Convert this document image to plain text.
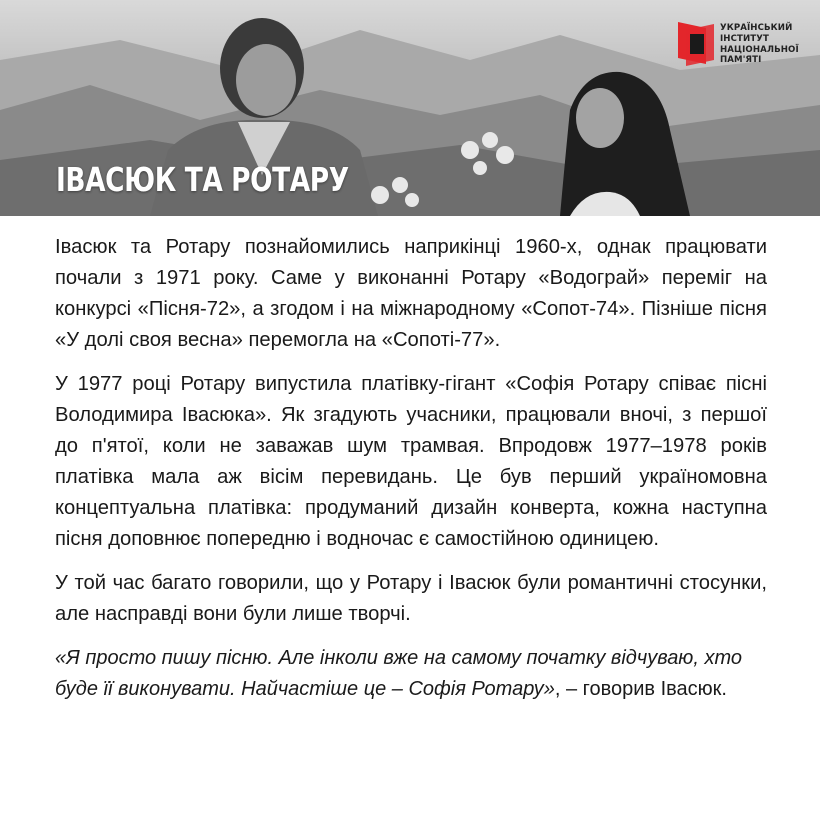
ІВАСЮК ТА РОТАРУ
УКРАЇНСЬКИЙ
ІНСТИТУТ
НАЦІОНАЛЬНОЇ
ПАМ'ЯТІ

Івасюк та Ротару познайомились наприкінці 1960-х, однак працювати почали з 1971 року. Саме у виконанні Ротару «Водограй» переміг на конкурсі «Пісня-72», а згодом і на міжнародному «Сопот-74». Пізніше пісня «У долі своя весна» перемогла на «Сопоті-77».

У 1977 році Ротару випустила платівку-гігант «Софія Ротару співає пісні Володимира Івасюка». Як згадують учасники, працювали вночі, з першої до п'ятої, коли не заважав шум трамвая. Впродовж 1977–1978 років платівка мала аж вісім перевидань. Це був перший україномовна концептуальна платівка: продуманий дизайн конверта, кожна наступна пісня доповнює попередню і водночас є самостійною одиницею.

У той час багато говорили, що у Ротару і Івасюк були романтичні стосунки, але насправді вони були лише творчі.

«Я просто пишу пісню. Але інколи вже на самому початку відчуваю, хто буде її виконувати. Найчастіше це – Софія Ротару», – говорив Івасюк.
